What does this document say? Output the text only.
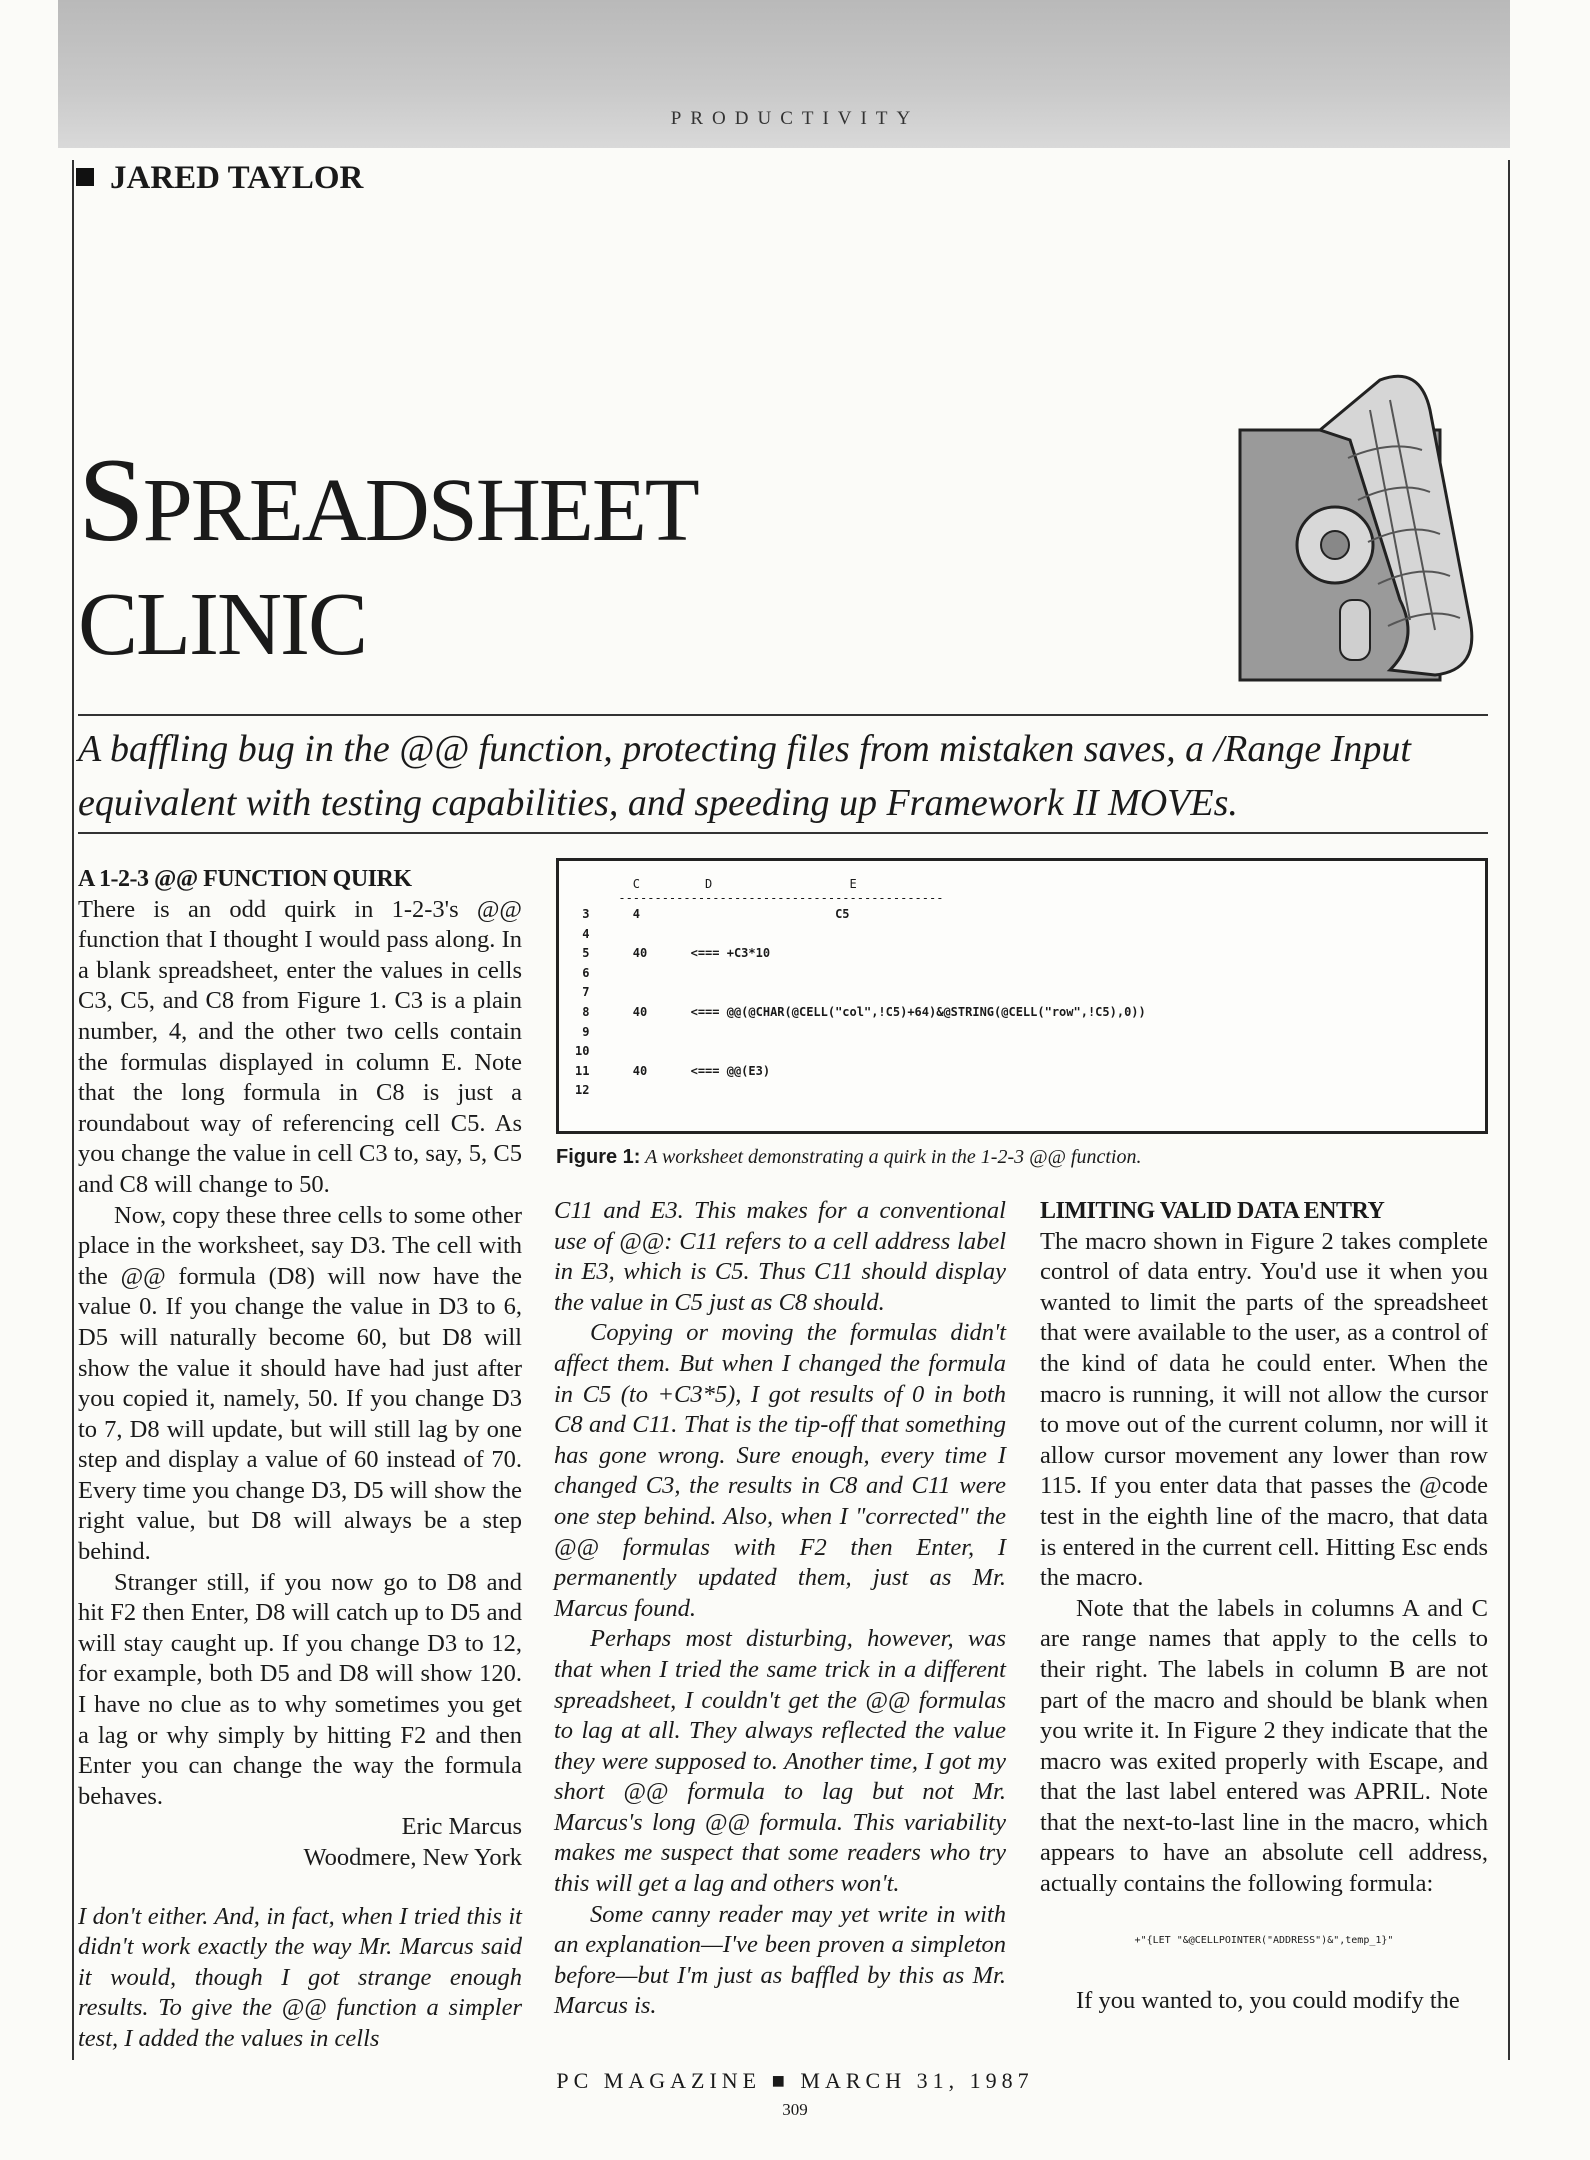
PRODUCTIVITY
JARED TAYLOR
SPREADSHEET
CLINIC
A baffling bug in the @@ function, protecting files from mistaken saves, a /Range Input equivalent with testing capabilities, and speeding up Framework II MOVEs.
A 1-2-3 @@ FUNCTION QUIRK

There is an odd quirk in 1-2-3's @@ function that I thought I would pass along. In a blank spreadsheet, enter the values in cells C3, C5, and C8 from Figure 1. C3 is a plain number, 4, and the other two cells contain the formulas displayed in column E. Note that the long formula in C8 is just a roundabout way of referencing cell C5. As you change the value in cell C3 to, say, 5, C5 and C8 will change to 50.

Now, copy these three cells to some other place in the worksheet, say D3. The cell with the @@ formula (D8) will now have the value 0. If you change the value in D3 to 6, D5 will naturally become 60, but D8 will show the value it should have had just after you copied it, namely, 50. If you change D3 to 7, D8 will update, but will still lag by one step and display a value of 60 instead of 70. Every time you change D3, D5 will show the right value, but D8 will always be a step behind.

Stranger still, if you now go to D8 and hit F2 then Enter, D8 will catch up to D5 and will stay caught up. If you change D3 to 12, for example, both D5 and D8 will show 120. I have no clue as to why sometimes you get a lag or why simply by hitting F2 and then Enter you can change the way the formula behaves.

Eric Marcus
Woodmere, New York

I don't either. And, in fact, when I tried this it didn't work exactly the way Mr. Marcus said it would, though I got strange enough results. To give the @@ function a simpler test, I added the values in cells

C         D                   E
---------------------------------------------
3      4                           C5
4
5      40      <=== +C3*10
6
7
8      40      <=== @@(@CHAR(@CELL("col",!C5)+64)&@STRING(@CELL("row",!C5),0))
9
10
11      40      <=== @@(E3)
12
Figure 1: A worksheet demonstrating a quirk in the 1-2-3 @@ function.

C11 and E3. This makes for a conventional use of @@: C11 refers to a cell address label in E3, which is C5. Thus C11 should display the value in C5 just as C8 should.

Copying or moving the formulas didn't affect them. But when I changed the formula in C5 (to +C3*5), I got results of 0 in both C8 and C11. That is the tip-off that something has gone wrong. Sure enough, every time I changed C3, the results in C8 and C11 were one step behind. Also, when I "corrected" the @@ formulas with F2 then Enter, I permanently updated them, just as Mr. Marcus found.

Perhaps most disturbing, however, was that when I tried the same trick in a different spreadsheet, I couldn't get the @@ formulas to lag at all. They always reflected the value they were supposed to. Another time, I got my short @@ formula to lag but not Mr. Marcus's long @@ formula. This variability makes me suspect that some readers who try this will get a lag and others won't.

Some canny reader may yet write in with an explanation—I've been proven a simpleton before—but I'm just as baffled by this as Mr. Marcus is.

LIMITING VALID DATA ENTRY

The macro shown in Figure 2 takes complete control of data entry. You'd use it when you wanted to limit the parts of the spreadsheet that were available to the user, as a control of the kind of data he could enter. When the macro is running, it will not allow the cursor to move out of the current column, nor will it allow cursor movement any lower than row 115. If you enter data that passes the @code test in the eighth line of the macro, that data is entered in the current cell. Hitting Esc ends the macro.

Note that the labels in columns A and C are range names that apply to the cells to their right. The labels in column B are not part of the macro and should be blank when you write it. In Figure 2 they indicate that the macro was exited properly with Escape, and that the last label entered was APRIL. Note that the next-to-last line in the macro, which appears to have an absolute cell address, actually contains the following formula:

+"{LET "&@CELLPOINTER("ADDRESS")&",temp_1}"

If you wanted to, you could modify the

PC MAGAZINE ■ MARCH 31, 1987
309
